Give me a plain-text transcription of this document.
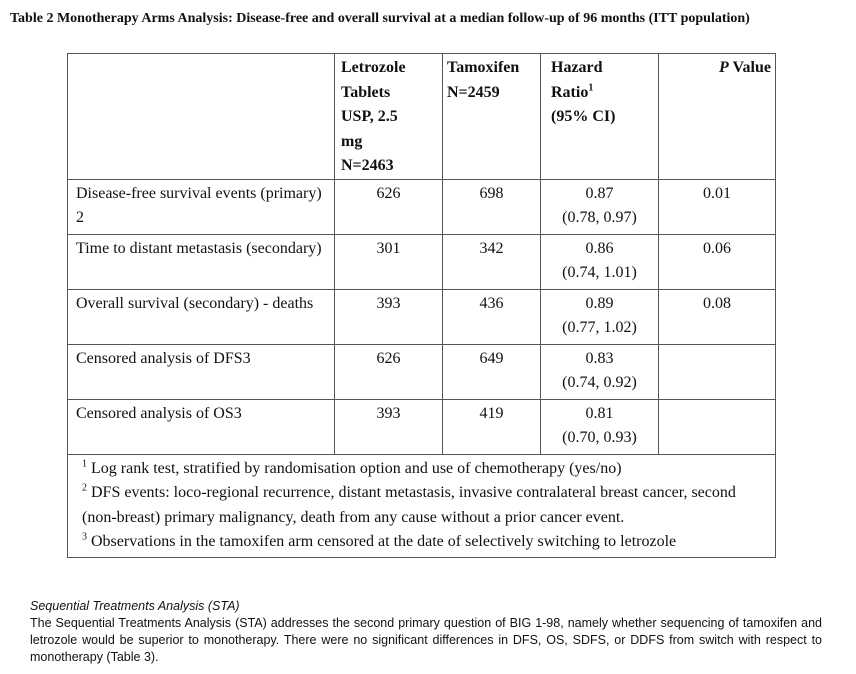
Table 2 Monotherapy Arms Analysis: Disease-free and overall survival at a median follow-up of 96 months (ITT population)

	Letrozole
Tablets
USP, 2.5
mg
N=2463	Tamoxifen
N=2459	Hazard
Ratio$^1$
(95% CI)	P Value
Disease-free survival events (primary) 2	626	698	0.87
(0.78, 0.97)	0.01
Time to distant metastasis (secondary)	301	342	0.86
(0.74, 1.01)	0.06
Overall survival (secondary) - deaths	393	436	0.89
(0.77, 1.02)	0.08
Censored analysis of DFS3	626	649	0.83
(0.74, 0.92)	

Censored analysis of OS3	393	419	0.81
(0.70, 0.93)	

$^1$ Log rank test, stratified by randomisation option and use of chemotherapy (yes/no)
$^2$ DFS events: loco-regional recurrence, distant metastasis, invasive contralateral breast cancer, second (non-breast) primary malignancy, death from any cause without a prior cancer event.
$^3$ Observations in the tamoxifen arm censored at the date of selectively switching to letrozole				
Sequential Treatments Analysis (STA)
The Sequential Treatments Analysis (STA) addresses the second primary question of BIG 1-98, namely whether sequencing of tamoxifen and letrozole would be superior to monotherapy. There were no significant differences in DFS, OS, SDFS, or DDFS from switch with respect to monotherapy (Table 3).
